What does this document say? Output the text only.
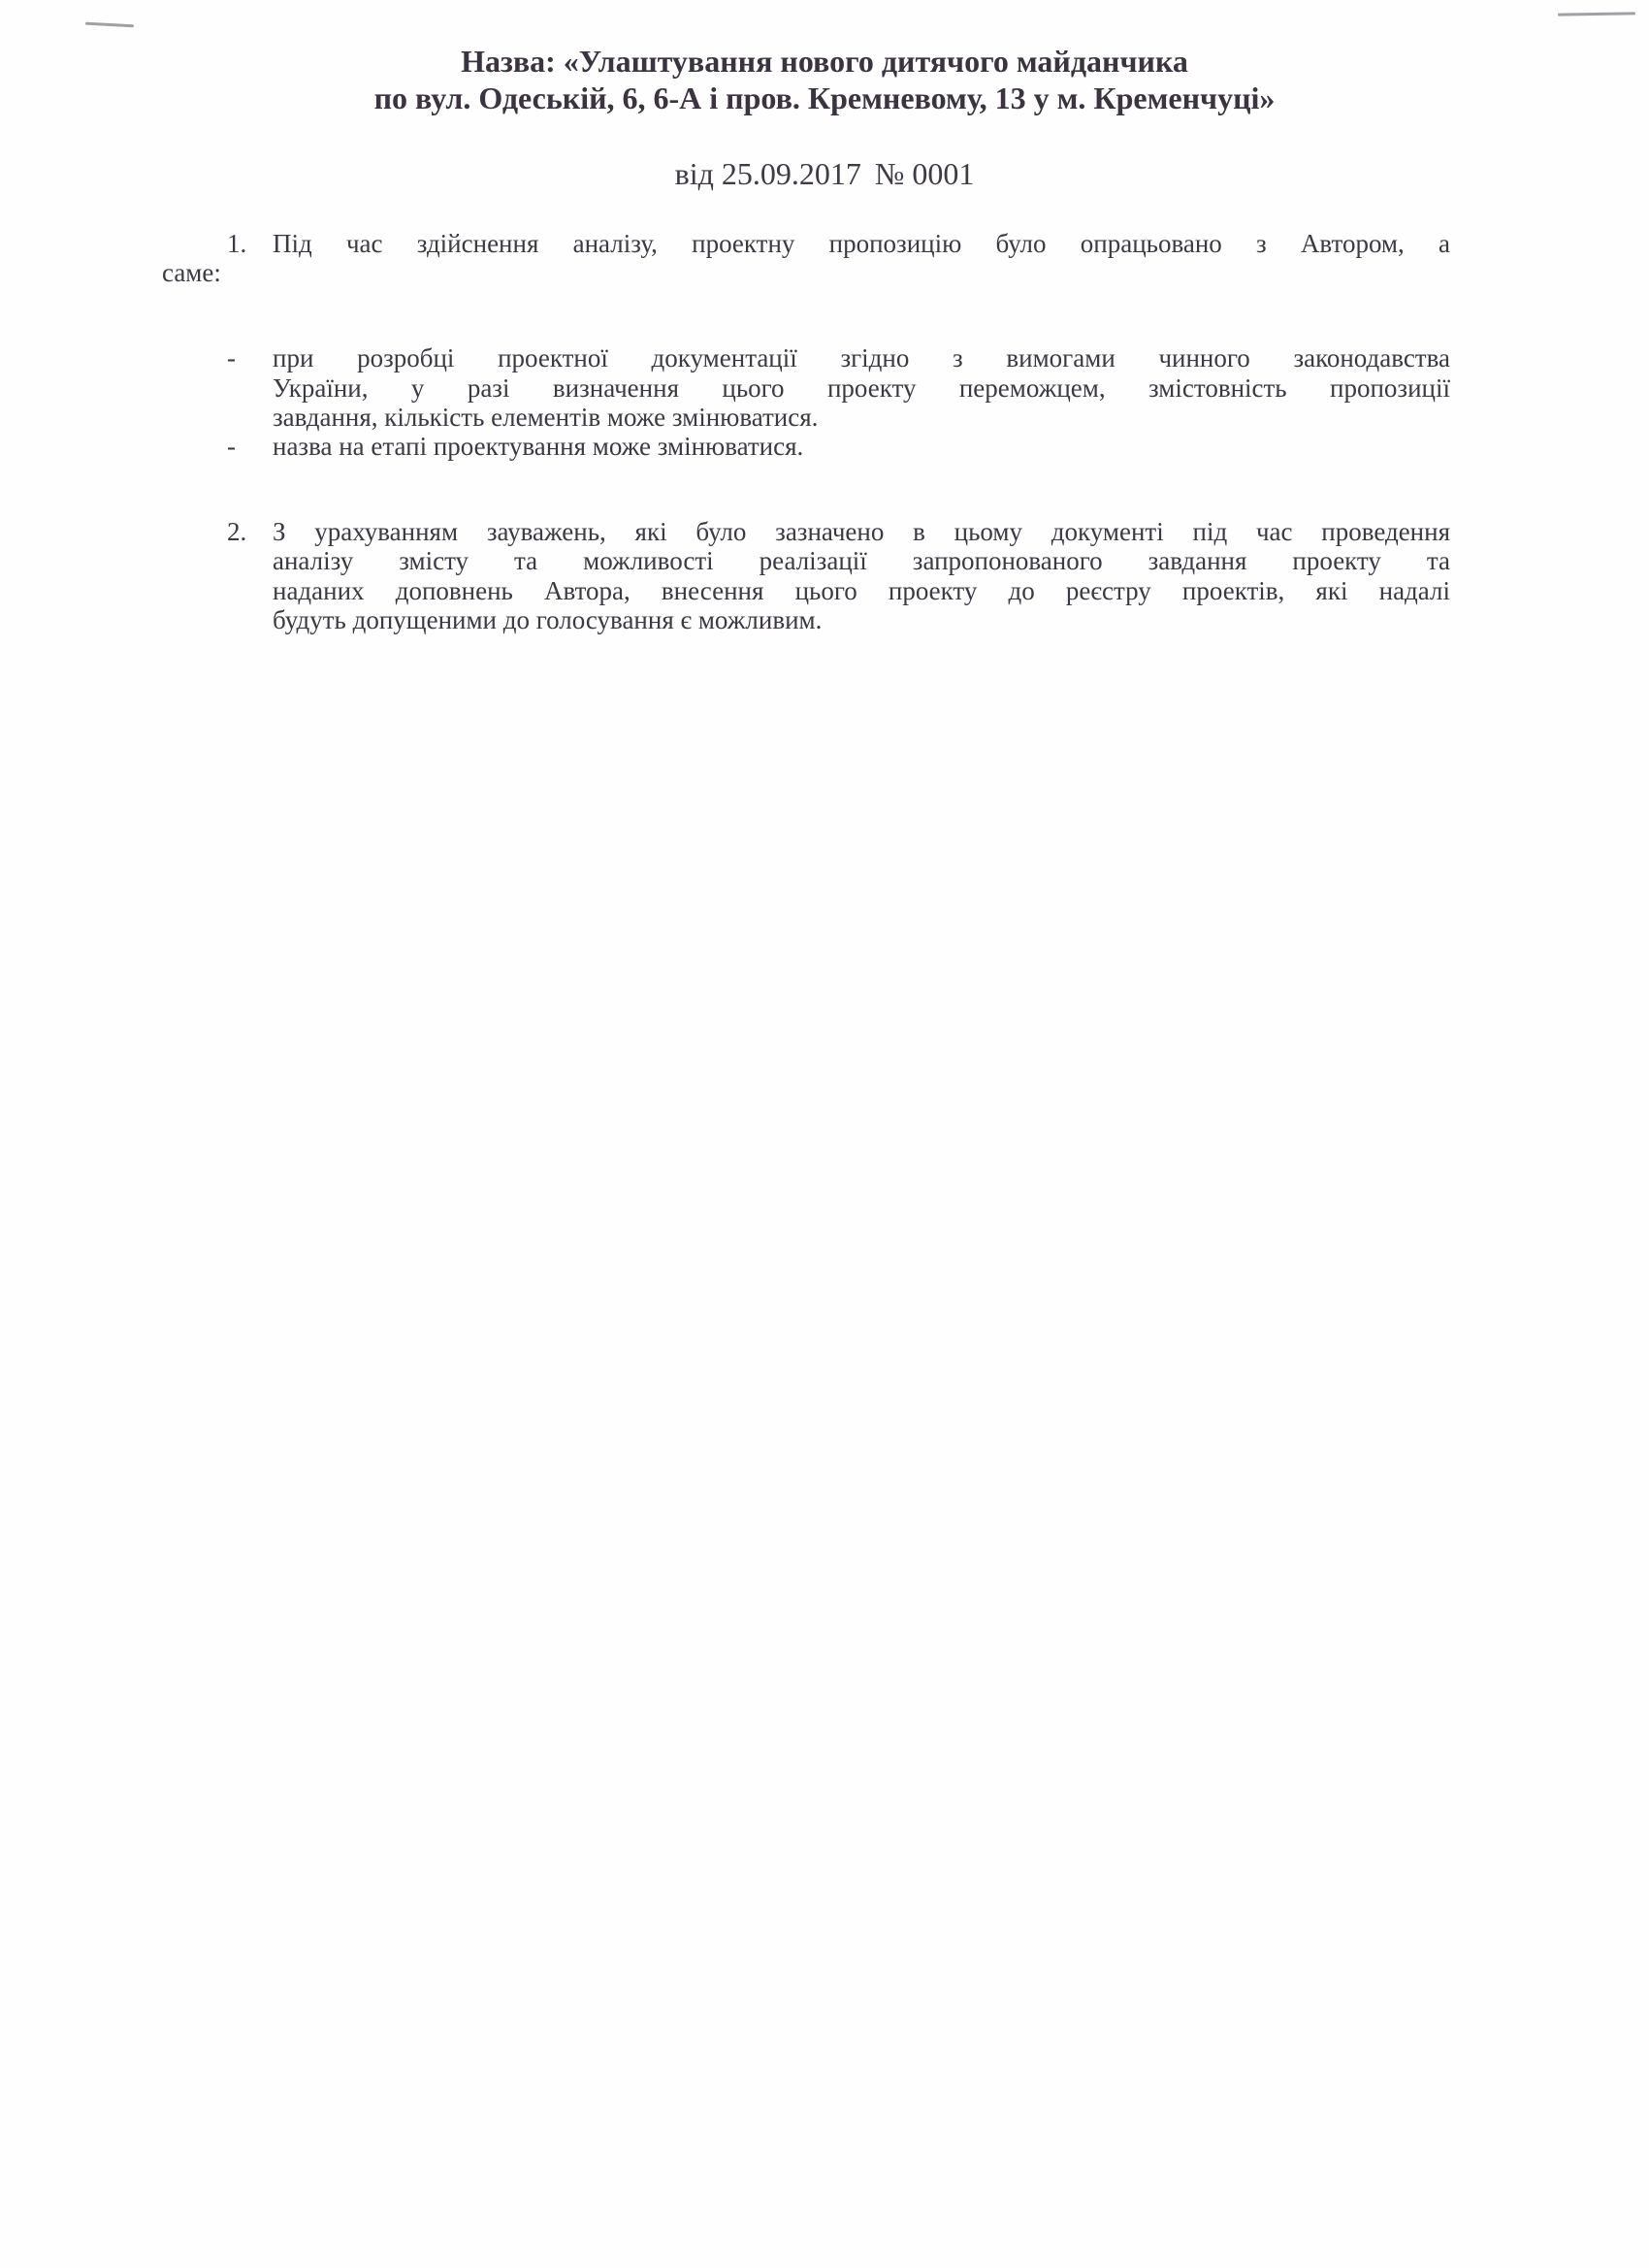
Назва: «Улаштування нового дитячого майданчика
по вул. Одеській, 6, 6-А і пров. Кремневому, 13 у м. Кременчуці»
від 25.09.2017 № 0001
1. Під час здійснення аналізу, проектну пропозицію було опрацьовано з Автором, а
саме:
- при розробці проектної документації згідно з вимогами чинного законодавства
України, у разі визначення цього проекту переможцем, змістовність пропозиції
завдання, кількість елементів може змінюватися.
- назва на етапі проектування може змінюватися.
2. З урахуванням зауважень, які було зазначено в цьому документі під час проведення
аналізу змісту та можливості реалізації запропонованого завдання проекту та
наданих доповнень Автора, внесення цього проекту до реєстру проектів, які надалі
будуть допущеними до голосування є можливим.
